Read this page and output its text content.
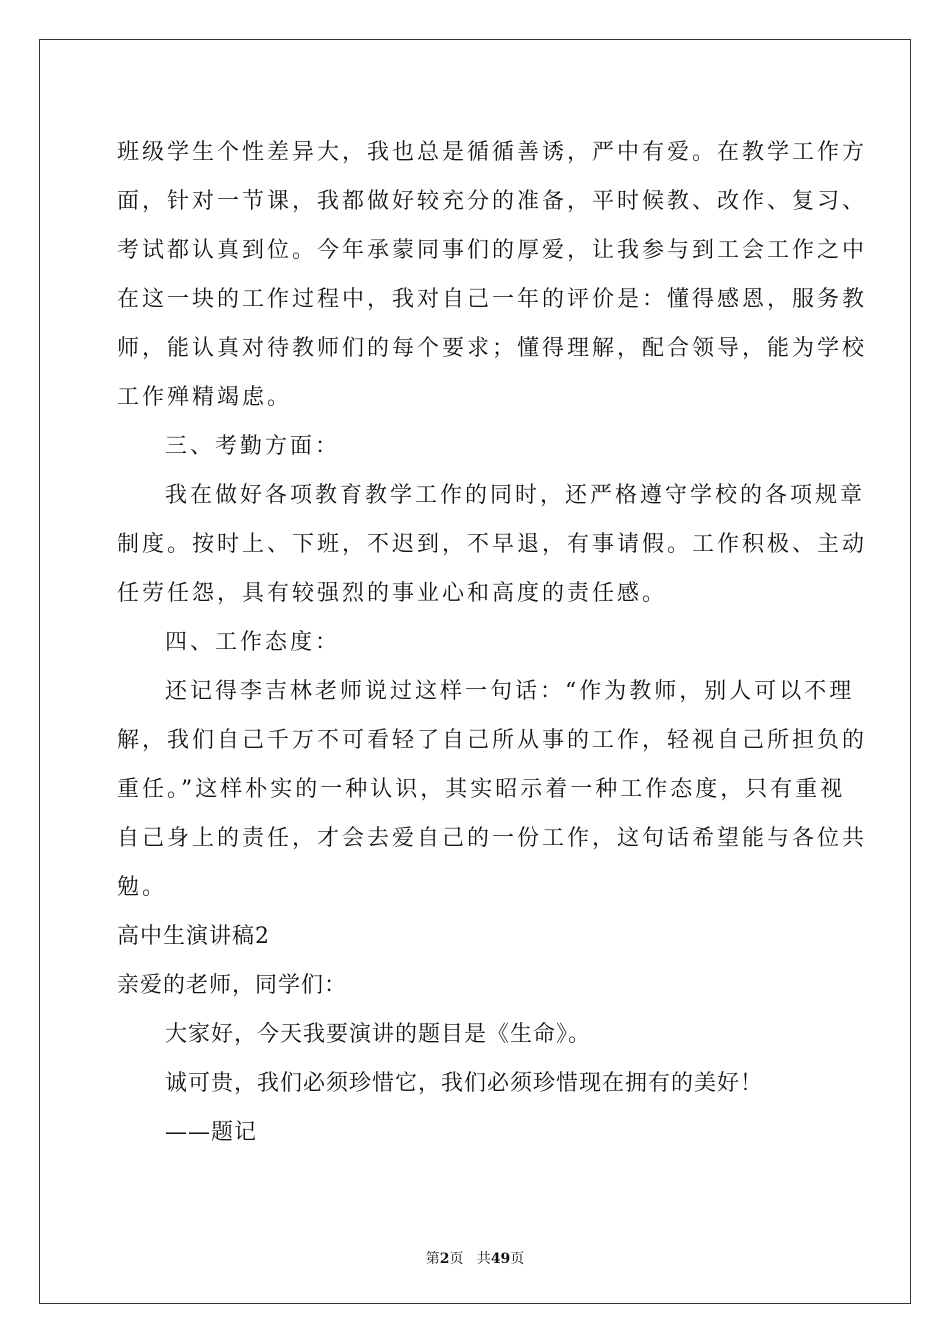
班级学生个性差异大，我也总是循循善诱，严中有爱。在教学工作方
面，针对一节课，我都做好较充分的准备，平时候教、改作、复习、
考试都认真到位。今年承蒙同事们的厚爱，让我参与到工会工作之中
在这一块的工作过程中，我对自己一年的评价是：懂得感恩，服务教
师，能认真对待教师们的每个要求；懂得理解，配合领导，能为学校
工作殚精竭虑。
三、考勤方面：
我在做好各项教育教学工作的同时，还严格遵守学校的各项规章
制度。按时上、下班，不迟到，不早退，有事请假。工作积极、主动
任劳任怨，具有较强烈的事业心和高度的责任感。
四、工作态度：
还记得李吉林老师说过这样一句话：“作为教师，别人可以不理
解，我们自己千万不可看轻了自己所从事的工作，轻视自己所担负的
重任。”这样朴实的一种认识，其实昭示着一种工作态度，只有重视
自己身上的责任，才会去爱自己的一份工作，这句话希望能与各位共
勉。
高中生演讲稿2
亲爱的老师，同学们：
大家好，今天我要演讲的题目是《生命》。
诚可贵，我们必须珍惜它，我们必须珍惜现在拥有的美好！
——题记
第2页 共49页
